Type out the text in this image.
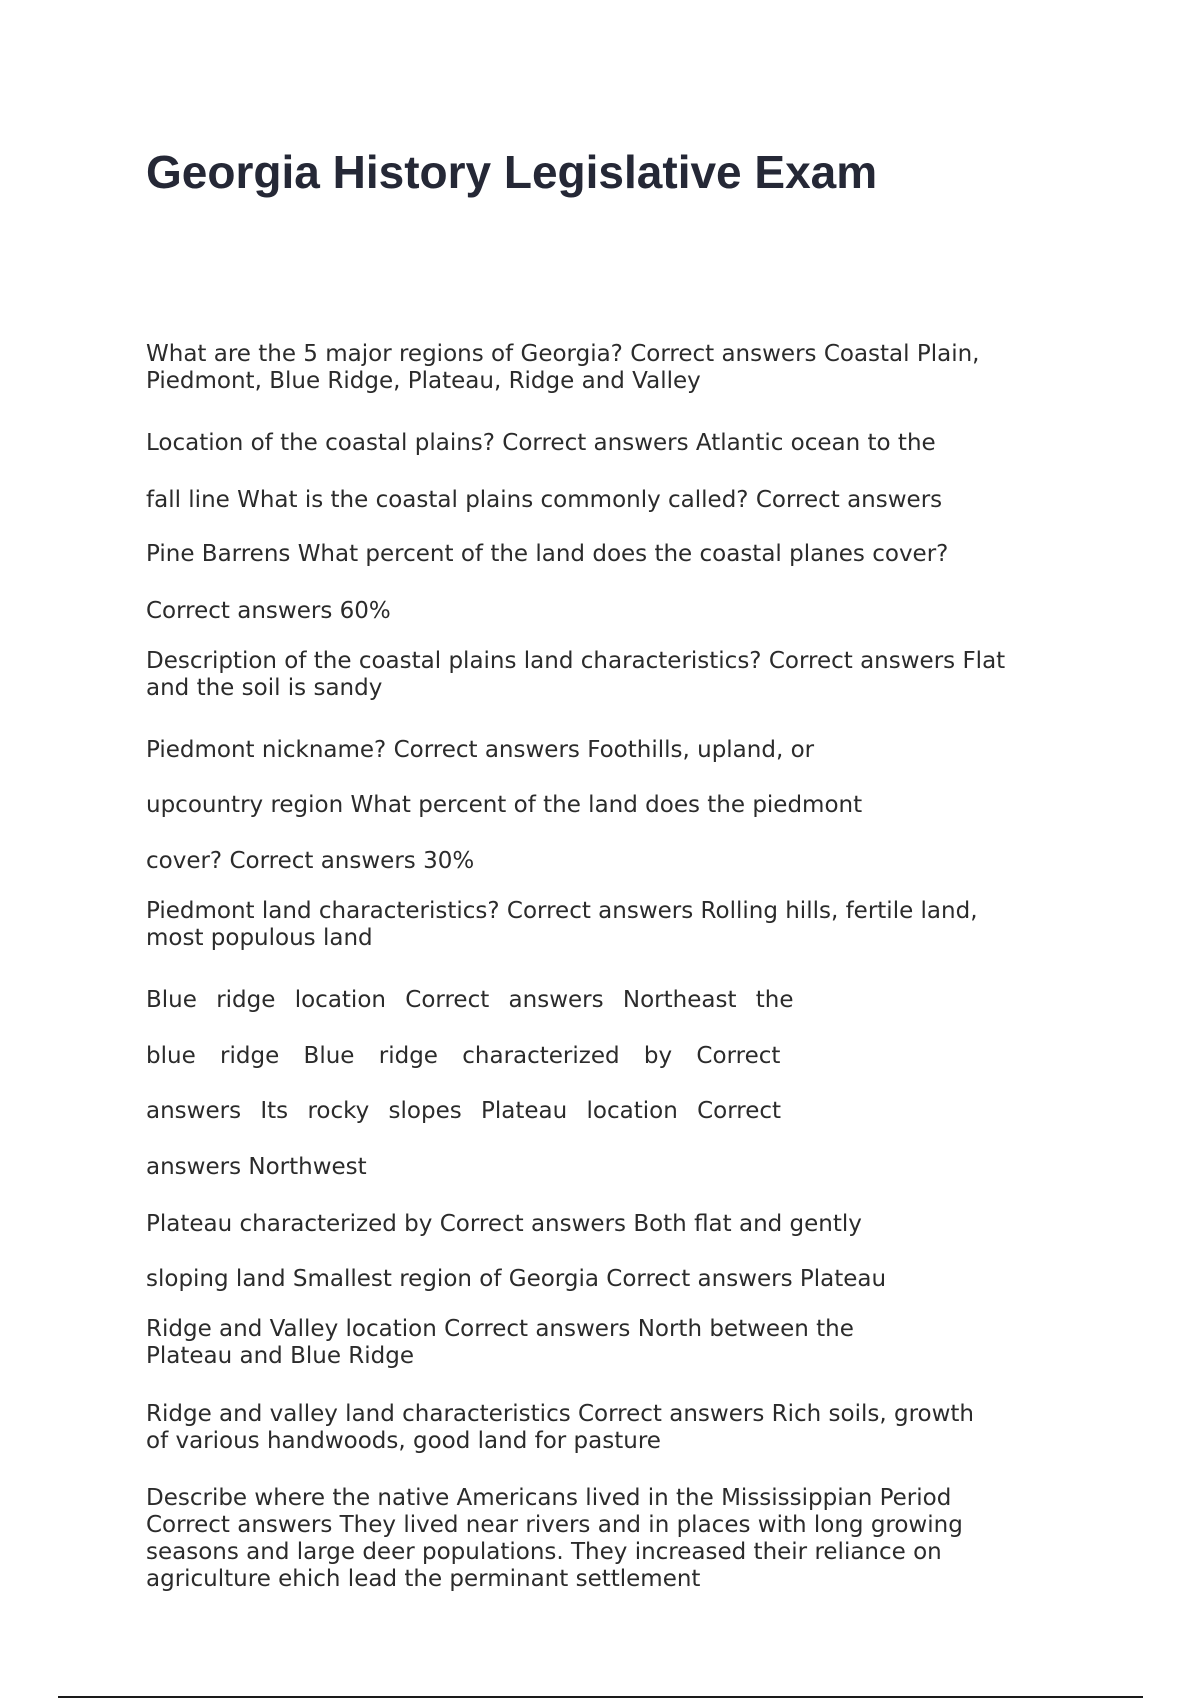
Georgia History Legislative Exam
What are the 5 major regions of Georgia? Correct answers Coastal Plain,
Piedmont, Blue Ridge, Plateau, Ridge and Valley
Location of the coastal plains? Correct answers Atlantic ocean to the
fall line What is the coastal plains commonly called? Correct answers
Pine Barrens What percent of the land does the coastal planes cover?
Correct answers 60%
Description of the coastal plains land characteristics? Correct answers Flat
and the soil is sandy
Piedmont nickname? Correct answers Foothills, upland, or
upcountry region What percent of the land does the piedmont
cover? Correct answers 30%
Piedmont land characteristics? Correct answers Rolling hills, fertile land,
most populous land
Blue ridge location Correct answers Northeast the
blue ridge Blue ridge characterized by Correct
answers Its rocky slopes Plateau location Correct
answers Northwest
Plateau characterized by Correct answers Both flat and gently
sloping land Smallest region of Georgia Correct answers Plateau
Ridge and Valley location Correct answers North between the
Plateau and Blue Ridge
Ridge and valley land characteristics Correct answers Rich soils, growth
of various handwoods, good land for pasture
Describe where the native Americans lived in the Mississippian Period
Correct answers They lived near rivers and in places with long growing
seasons and large deer populations. They increased their reliance on
agriculture ehich lead the perminant settlement
